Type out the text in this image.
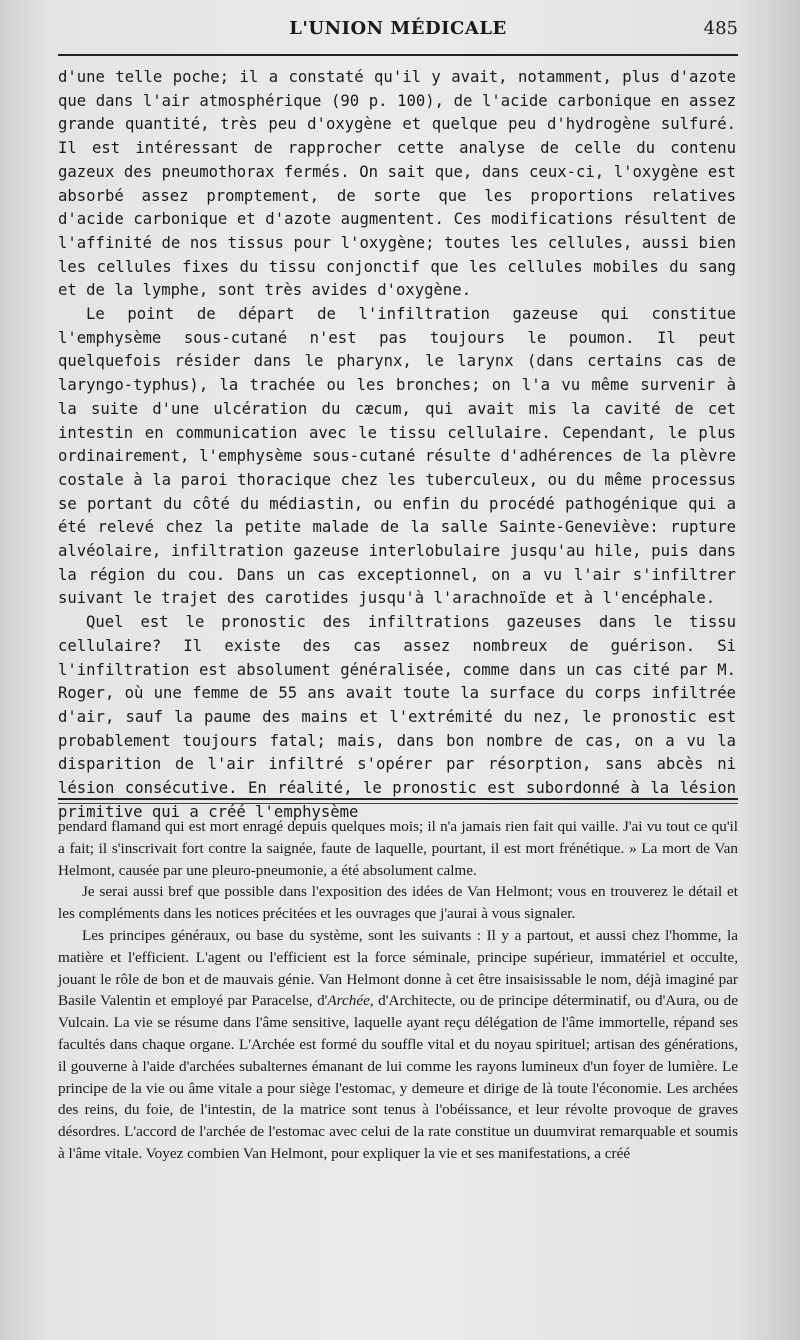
L'UNION MÉDICALE	485

d'une telle poche; il a constaté qu'il y avait, notamment, plus d'azote que dans l'air atmosphérique (90 p. 100), de l'acide carbonique en assez grande quantité, très peu d'oxygène et quelque peu d'hydrogène sulfuré. Il est intéressant de rapprocher cette analyse de celle du contenu gazeux des pneumothorax fermés. On sait que, dans ceux-ci, l'oxygène est absorbé assez promptement, de sorte que les proportions relatives d'acide carbonique et d'azote augmentent. Ces modifications résultent de l'affinité de nos tissus pour l'oxygène; toutes les cellules, aussi bien les cellules fixes du tissu conjonctif que les cellules mobiles du sang et de la lymphe, sont très avides d'oxygène.

Le point de départ de l'infiltration gazeuse qui constitue l'emphysème sous-cutané n'est pas toujours le poumon. Il peut quelquefois résider dans le pharynx, le larynx (dans certains cas de laryngo-typhus), la trachée ou les bronches; on l'a vu même survenir à la suite d'une ulcération du cæcum, qui avait mis la cavité de cet intestin en communication avec le tissu cellulaire. Cependant, le plus ordinairement, l'emphysème sous-cutané résulte d'adhérences de la plèvre costale à la paroi thoracique chez les tuberculeux, ou du même processus se portant du côté du médiastin, ou enfin du procédé pathogénique qui a été relevé chez la petite malade de la salle Sainte-Geneviève: rupture alvéolaire, infiltration gazeuse interlobulaire jusqu'au hile, puis dans la région du cou. Dans un cas exceptionnel, on a vu l'air s'infiltrer suivant le trajet des carotides jusqu'à l'arachnoïde et à l'encéphale.

Quel est le pronostic des infiltrations gazeuses dans le tissu cellulaire? Il existe des cas assez nombreux de guérison. Si l'infiltration est absolument généralisée, comme dans un cas cité par M. Roger, où une femme de 55 ans avait toute la surface du corps infiltrée d'air, sauf la paume des mains et l'extrémité du nez, le pronostic est probablement toujours fatal; mais, dans bon nombre de cas, on a vu la disparition de l'air infiltré s'opérer par résorption, sans abcès ni lésion consécutive. En réalité, le pronostic est subordonné à la lésion primitive qui a créé l'emphysème

pendard flamand qui est mort enragé depuis quelques mois; il n'a jamais rien fait qui vaille. J'ai vu tout ce qu'il a fait; il s'inscrivait fort contre la saignée, faute de laquelle, pourtant, il est mort frénétique. » La mort de Van Helmont, causée par une pleuro-pneumonie, a été absolument calme.

Je serai aussi bref que possible dans l'exposition des idées de Van Helmont; vous en trouverez le détail et les compléments dans les notices précitées et les ouvrages que j'aurai à vous signaler.

Les principes généraux, ou base du système, sont les suivants : Il y a partout, et aussi chez l'homme, la matière et l'efficient. L'agent ou l'efficient est la force séminale, principe supérieur, immatériel et occulte, jouant le rôle de bon et de mauvais génie. Van Helmont donne à cet être insaisissable le nom, déjà imaginé par Basile Valentin et employé par Paracelse, d'Archée, d'Architecte, ou de principe déterminatif, ou d'Aura, ou de Vulcain. La vie se résume dans l'âme sensitive, laquelle ayant reçu délégation de l'âme immortelle, répand ses facultés dans chaque organe. L'Archée est formé du souffle vital et du noyau spirituel; artisan des générations, il gouverne à l'aide d'archées subalternes émanant de lui comme les rayons lumineux d'un foyer de lumière. Le principe de la vie ou âme vitale a pour siège l'estomac, y demeure et dirige de là toute l'économie. Les archées des reins, du foie, de l'intestin, de la matrice sont tenus à l'obéissance, et leur révolte provoque de graves désordres. L'accord de l'archée de l'estomac avec celui de la rate constitue un duumvirat remarquable et soumis à l'âme vitale. Voyez combien Van Helmont, pour expliquer la vie et ses manifestations, a créé
